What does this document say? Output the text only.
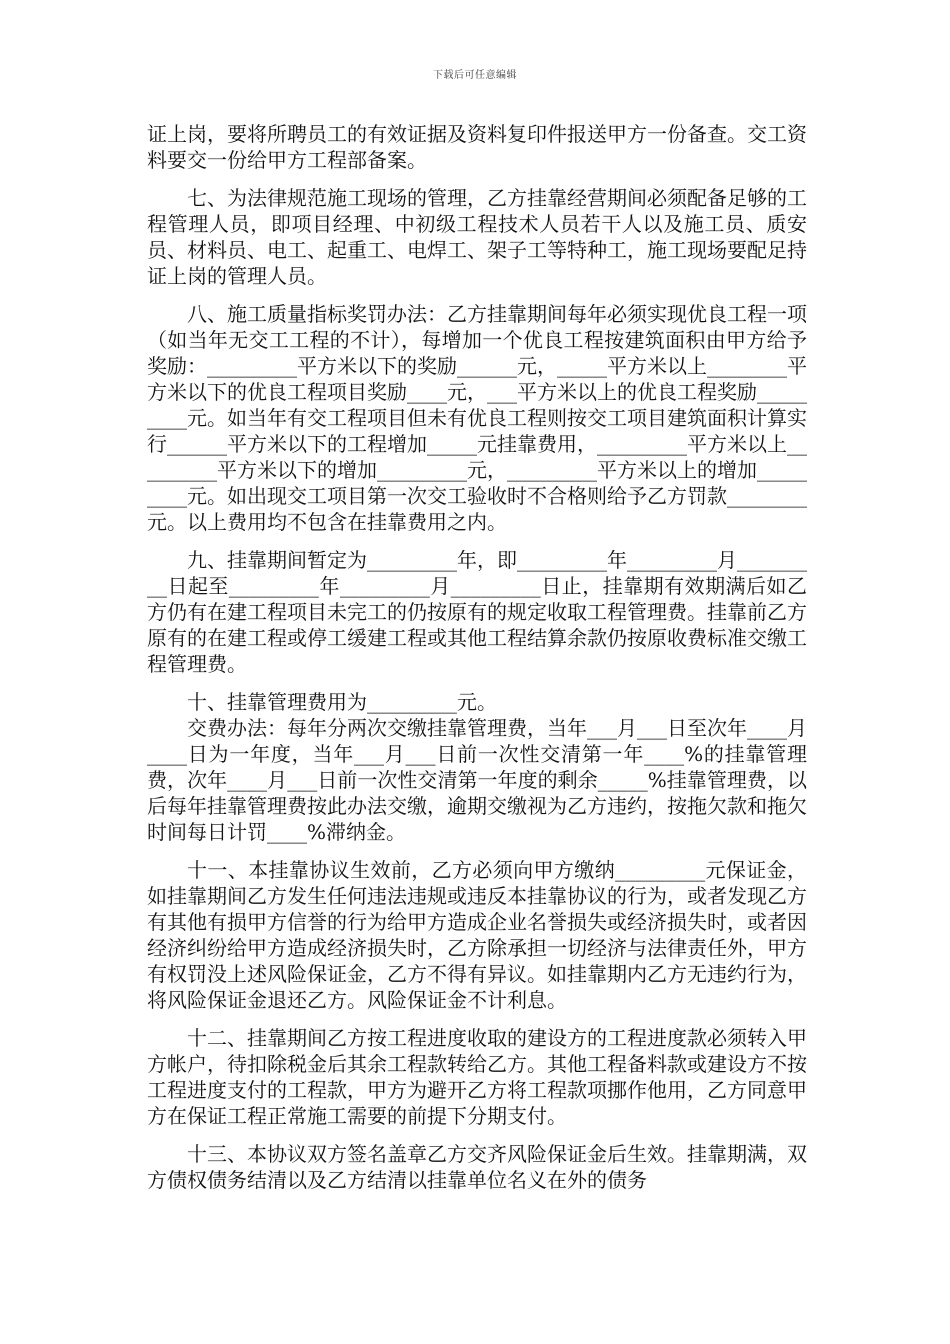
下载后可任意编辑

证上岗，要将所聘员工的有效证据及资料复印件报送甲方一份备查。交工资料要交一份给甲方工程部备案。

七、为法律规范施工现场的管理，乙方挂靠经营期间必须配备足够的工程管理人员，即项目经理、中初级工程技术人员若干人以及施工员、质安员、材料员、电工、起重工、电焊工、架子工等特种工，施工现场要配足持证上岗的管理人员。

八、施工质量指标奖罚办法：乙方挂靠期间每年必须实现优良工程一项（如当年无交工工程的不计），每增加一个优良工程按建筑面积由甲方给予奖励：_________平方米以下的奖励______元，_____平方米以上________平方米以下的优良工程项目奖励____元，___平方米以上的优良工程奖励_________元。如当年有交工程项目但未有优良工程则按交工项目建筑面积计算实行______平方米以下的工程增加_____元挂靠费用，_________平方米以上_________平方米以下的增加_________元，_________平方米以上的增加_________元。如出现交工项目第一次交工验收时不合格则给予乙方罚款________元。以上费用均不包含在挂靠费用之内。

九、挂靠期间暂定为_________年，即_________年_________月_________日起至_________年_________月_________日止，挂靠期有效期满后如乙方仍有在建工程项目未完工的仍按原有的规定收取工程管理费。挂靠前乙方原有的在建工程或停工缓建工程或其他工程结算余款仍按原收费标准交缴工程管理费。

十、挂靠管理费用为_________元。

交费办法：每年分两次交缴挂靠管理费，当年___月___日至次年____月____日为一年度，当年___月___日前一次性交清第一年____%的挂靠管理费，次年____月___日前一次性交清第一年度的剩余_____%挂靠管理费，以后每年挂靠管理费按此办法交缴，逾期交缴视为乙方违约，按拖欠款和拖欠时间每日计罚____%滞纳金。

十一、本挂靠协议生效前，乙方必须向甲方缴纳_________元保证金，如挂靠期间乙方发生任何违法违规或违反本挂靠协议的行为，或者发现乙方有其他有损甲方信誉的行为给甲方造成企业名誉损失或经济损失时，或者因经济纠纷给甲方造成经济损失时，乙方除承担一切经济与法律责任外，甲方有权罚没上述风险保证金，乙方不得有异议。如挂靠期内乙方无违约行为，将风险保证金退还乙方。风险保证金不计利息。

十二、挂靠期间乙方按工程进度收取的建设方的工程进度款必须转入甲方帐户，待扣除税金后其余工程款转给乙方。其他工程备料款或建设方不按工程进度支付的工程款，甲方为避开乙方将工程款项挪作他用，乙方同意甲方在保证工程正常施工需要的前提下分期支付。

十三、本协议双方签名盖章乙方交齐风险保证金后生效。挂靠期满，双方债权债务结清以及乙方结清以挂靠单位名义在外的债务
